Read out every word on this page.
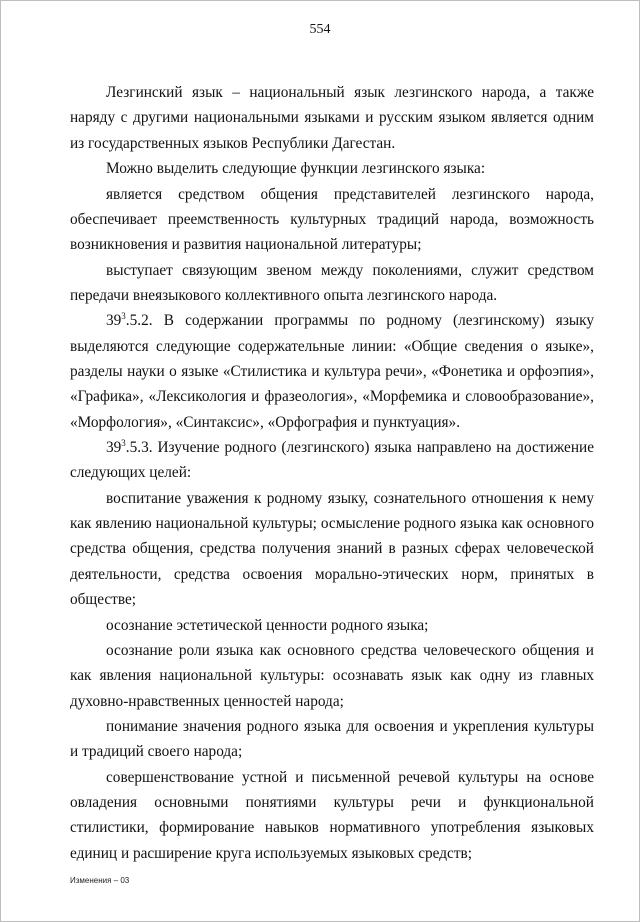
554

Лезгинский язык – национальный язык лезгинского народа, а также наряду с другими национальными языками и русским языком является одним из государственных языков Республики Дагестан.

Можно выделить следующие функции лезгинского языка:

является средством общения представителей лезгинского народа, обеспечивает преемственность культурных традиций народа, возможность возникновения и развития национальной литературы;

выступает связующим звеном между поколениями, служит средством передачи внеязыкового коллективного опыта лезгинского народа.

$39^3.5.2$. В содержании программы по родному (лезгинскому) языку выделяются следующие содержательные линии: «Общие сведения о языке», разделы науки о языке «Стилистика и культура речи», «Фонетика и орфоэпия», «Графика», «Лексикология и фразеология», «Морфемика и словообразование», «Морфология», «Синтаксис», «Орфография и пунктуация».

$39^3.5.3$. Изучение родного (лезгинского) языка направлено на достижение следующих целей:

воспитание уважения к родному языку, сознательного отношения к нему как явлению национальной культуры; осмысление родного языка как основного средства общения, средства получения знаний в разных сферах человеческой деятельности, средства освоения морально-этических норм, принятых в обществе;

осознание эстетической ценности родного языка;

осознание роли языка как основного средства человеческого общения и как явления национальной культуры: осознавать язык как одну из главных духовно-нравственных ценностей народа;

понимание значения родного языка для освоения и укрепления культуры и традиций своего народа;

совершенствование устной и письменной речевой культуры на основе овладения основными понятиями культуры речи и функциональной стилистики, формирование навыков нормативного употребления языковых единиц и расширение круга используемых языковых средств;

Изменения – 03
